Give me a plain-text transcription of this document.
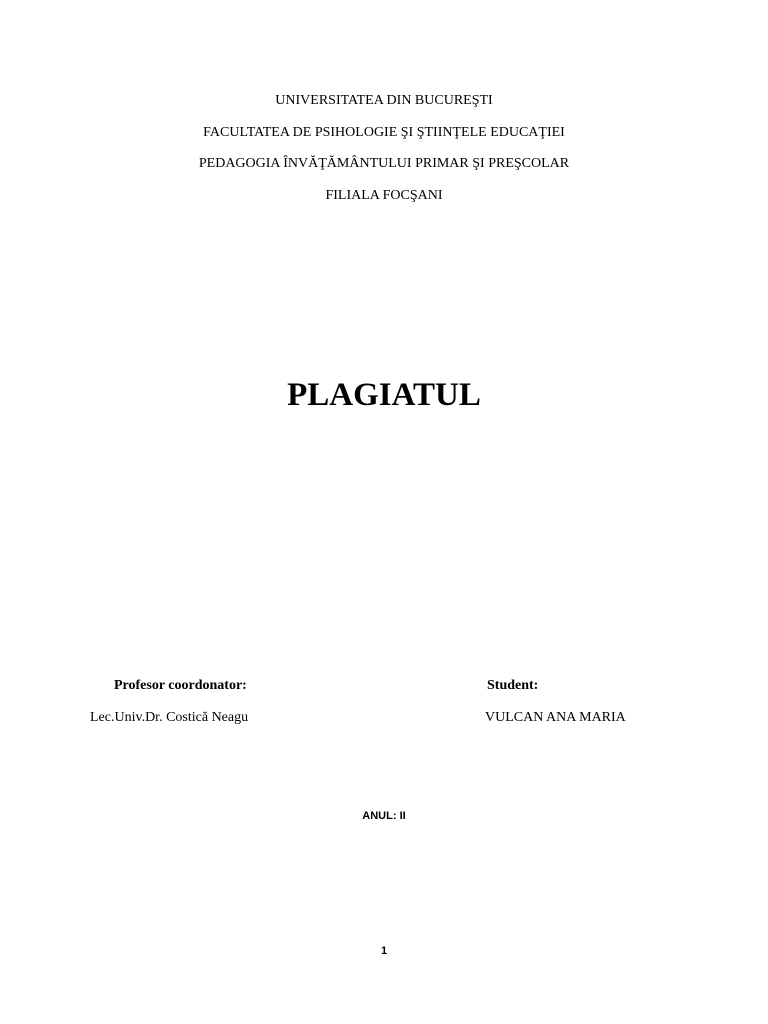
UNIVERSITATEA DIN BUCUREŞTI
FACULTATEA DE PSIHOLOGIE ŞI ŞTIINŢELE EDUCAŢIEI
PEDAGOGIA ÎNVĂŢĂMÂNTULUI PRIMAR ŞI PREŞCOLAR
FILIALA FOCŞANI
PLAGIATUL
Profesor coordonator:
Lec.Univ.Dr. Costică Neagu
Student:
VULCAN ANA MARIA
ANUL: II
1
